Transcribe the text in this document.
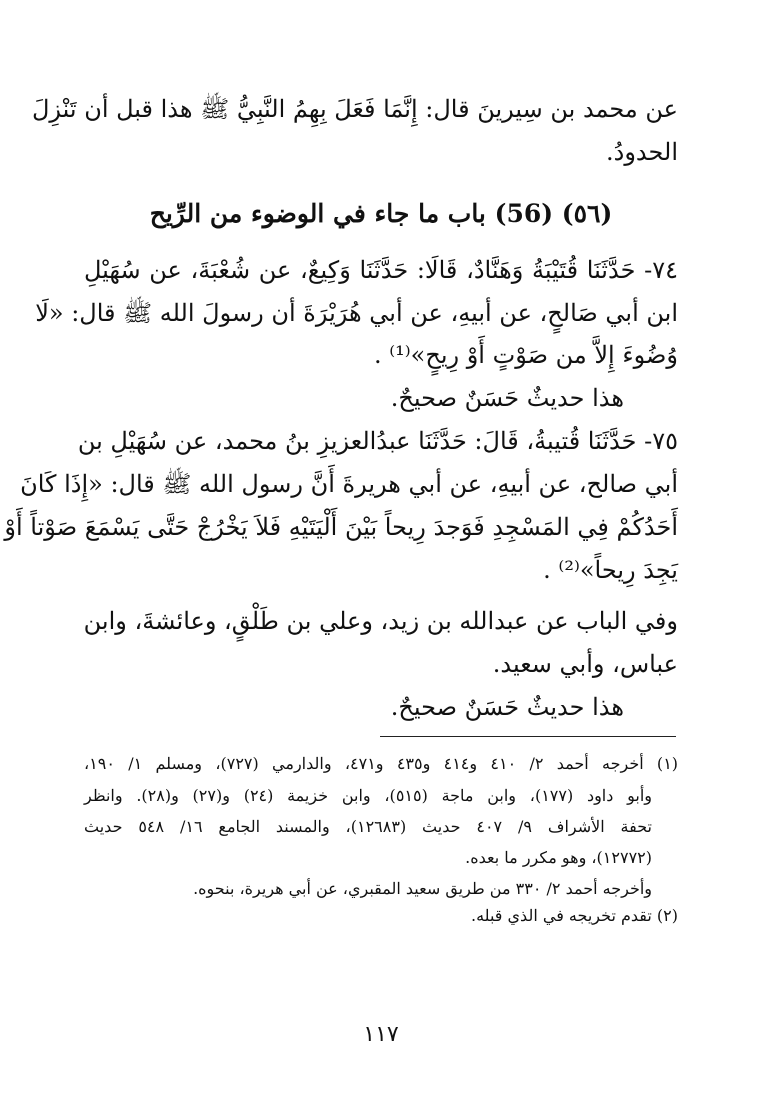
عن محمد بن سِيرينَ قال: إِنَّمَا فَعَلَ بِهِمُ النَّبِيُّ ﷺ هذا قبل أن تَنْزِلَ
الحدودُ.
(٥٦) (56) باب ما جاء في الوضوء من الرِّيح
٧٤- حَدَّثَنَا قُتَيْبَةُ وَهَنَّادٌ، قَالَا: حَدَّثَنَا وَكِيعٌ، عن شُعْبَةَ، عن سُهَيْلِ
ابن أبي صَالحٍ، عن أبيهِ، عن أبي هُرَيْرَةَ أن رسولَ الله ﷺ قال: «لَا
وُضُوءَ إِلاَّ من صَوْتٍ أَوْ رِيحٍ»⁽¹⁾ .
هذا حديثٌ حَسَنٌ صحيحٌ.
٧٥- حَدَّثَنَا قُتيبةُ، قَالَ: حَدَّثَنَا عبدُالعزيزِ بنُ محمد، عن سُهَيْلِ بن
أبي صالح، عن أبيهِ، عن أبي هريرةَ أَنَّ رسول الله ﷺ قال: «إِذَا كَانَ
أَحَدُكُمْ فِي المَسْجِدِ فَوَجدَ رِيحاً بَيْنَ أَلْيَتَيْهِ فَلاَ يَخْرُجْ حَتَّى يَسْمَعَ صَوْتاً أَوْ
يَجِدَ رِيحاً»⁽²⁾ .
وفي الباب عن عبدالله بن زيد، وعلي بن طَلْقٍ، وعائشةَ، وابن
عباس، وأبي سعيد.
هذا حديثٌ حَسَنٌ صحيحٌ.
(١) أخرجه أحمد ٢/ ٤١٠ و٤١٤ و٤٣٥ و٤٧١، والدارمي (٧٢٧)، ومسلم ١/ ١٩٠،
وأبو داود (١٧٧)، وابن ماجة (٥١٥)، وابن خزيمة (٢٤) و(٢٧) و(٢٨). وانظر
تحفة الأشراف ٩/ ٤٠٧ حديث (١٢٦٨٣)، والمسند الجامع ١٦/ ٥٤٨ حديث
(١٢٧٧٢)، وهو مكرر ما بعده.
وأخرجه أحمد ٢/ ٣٣٠ من طريق سعيد المقبري، عن أبي هريرة، بنحوه.
(٢) تقدم تخريجه في الذي قبله.
١١٧
